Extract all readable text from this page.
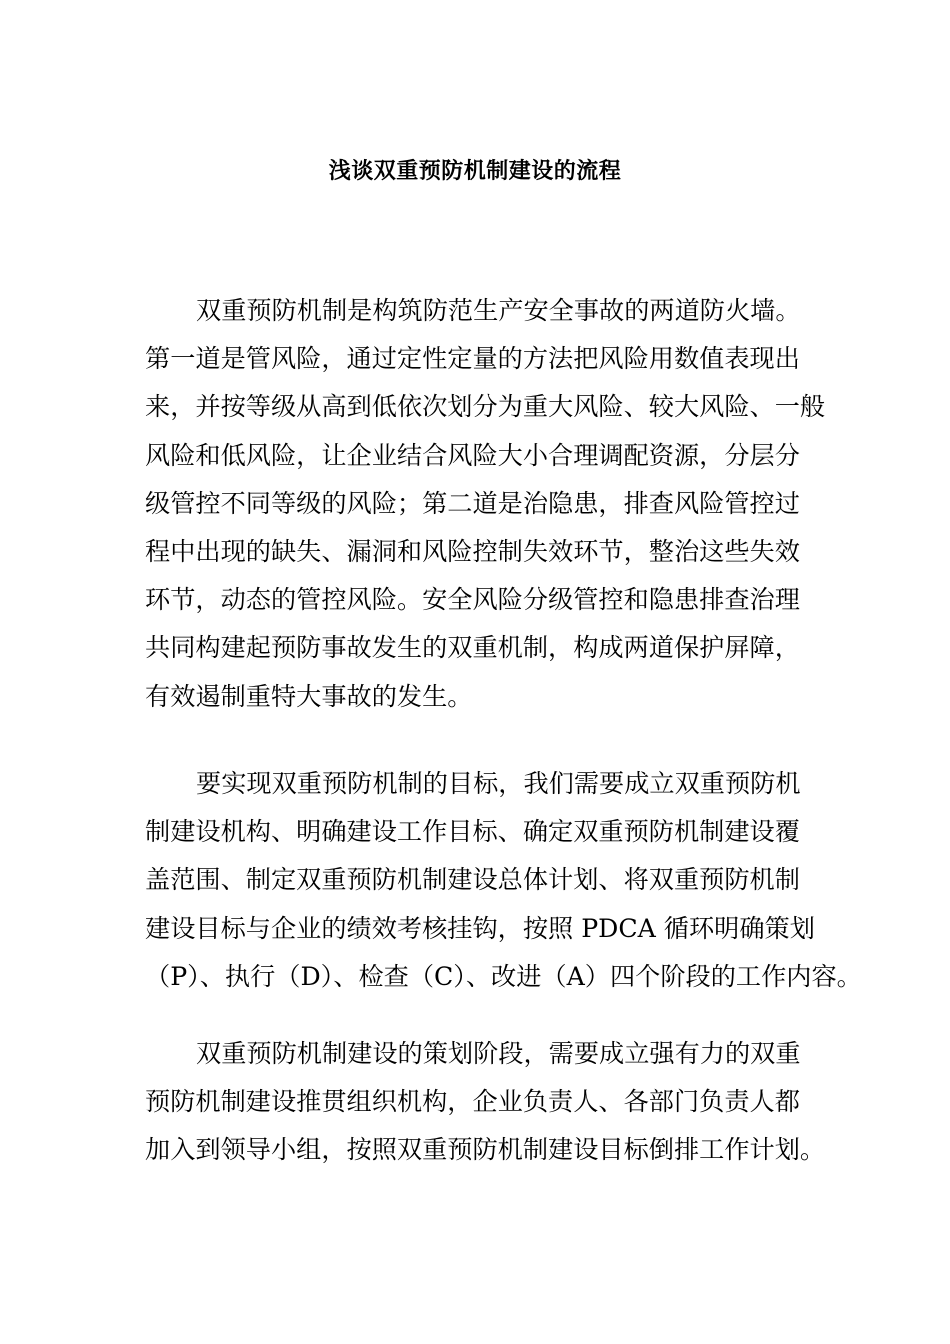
浅谈双重预防机制建设的流程

双重预防机制是构筑防范生产安全事故的两道防火墙。
第一道是管风险，通过定性定量的方法把风险用数值表现出
来，并按等级从高到低依次划分为重大风险、较大风险、一般
风险和低风险，让企业结合风险大小合理调配资源，分层分
级管控不同等级的风险；第二道是治隐患，排查风险管控过
程中出现的缺失、漏洞和风险控制失效环节，整治这些失效
环节，动态的管控风险。安全风险分级管控和隐患排查治理
共同构建起预防事故发生的双重机制，构成两道保护屏障，
有效遏制重特大事故的发生。

要实现双重预防机制的目标，我们需要成立双重预防机
制建设机构、明确建设工作目标、确定双重预防机制建设覆
盖范围、制定双重预防机制建设总体计划、将双重预防机制
建设目标与企业的绩效考核挂钩，按照 PDCA 循环明确策划
（P）、执行（D）、检查（C）、改进（A）四个阶段的工作内容。

双重预防机制建设的策划阶段，需要成立强有力的双重
预防机制建设推贯组织机构，企业负责人、各部门负责人都
加入到领导小组，按照双重预防机制建设目标倒排工作计划。
